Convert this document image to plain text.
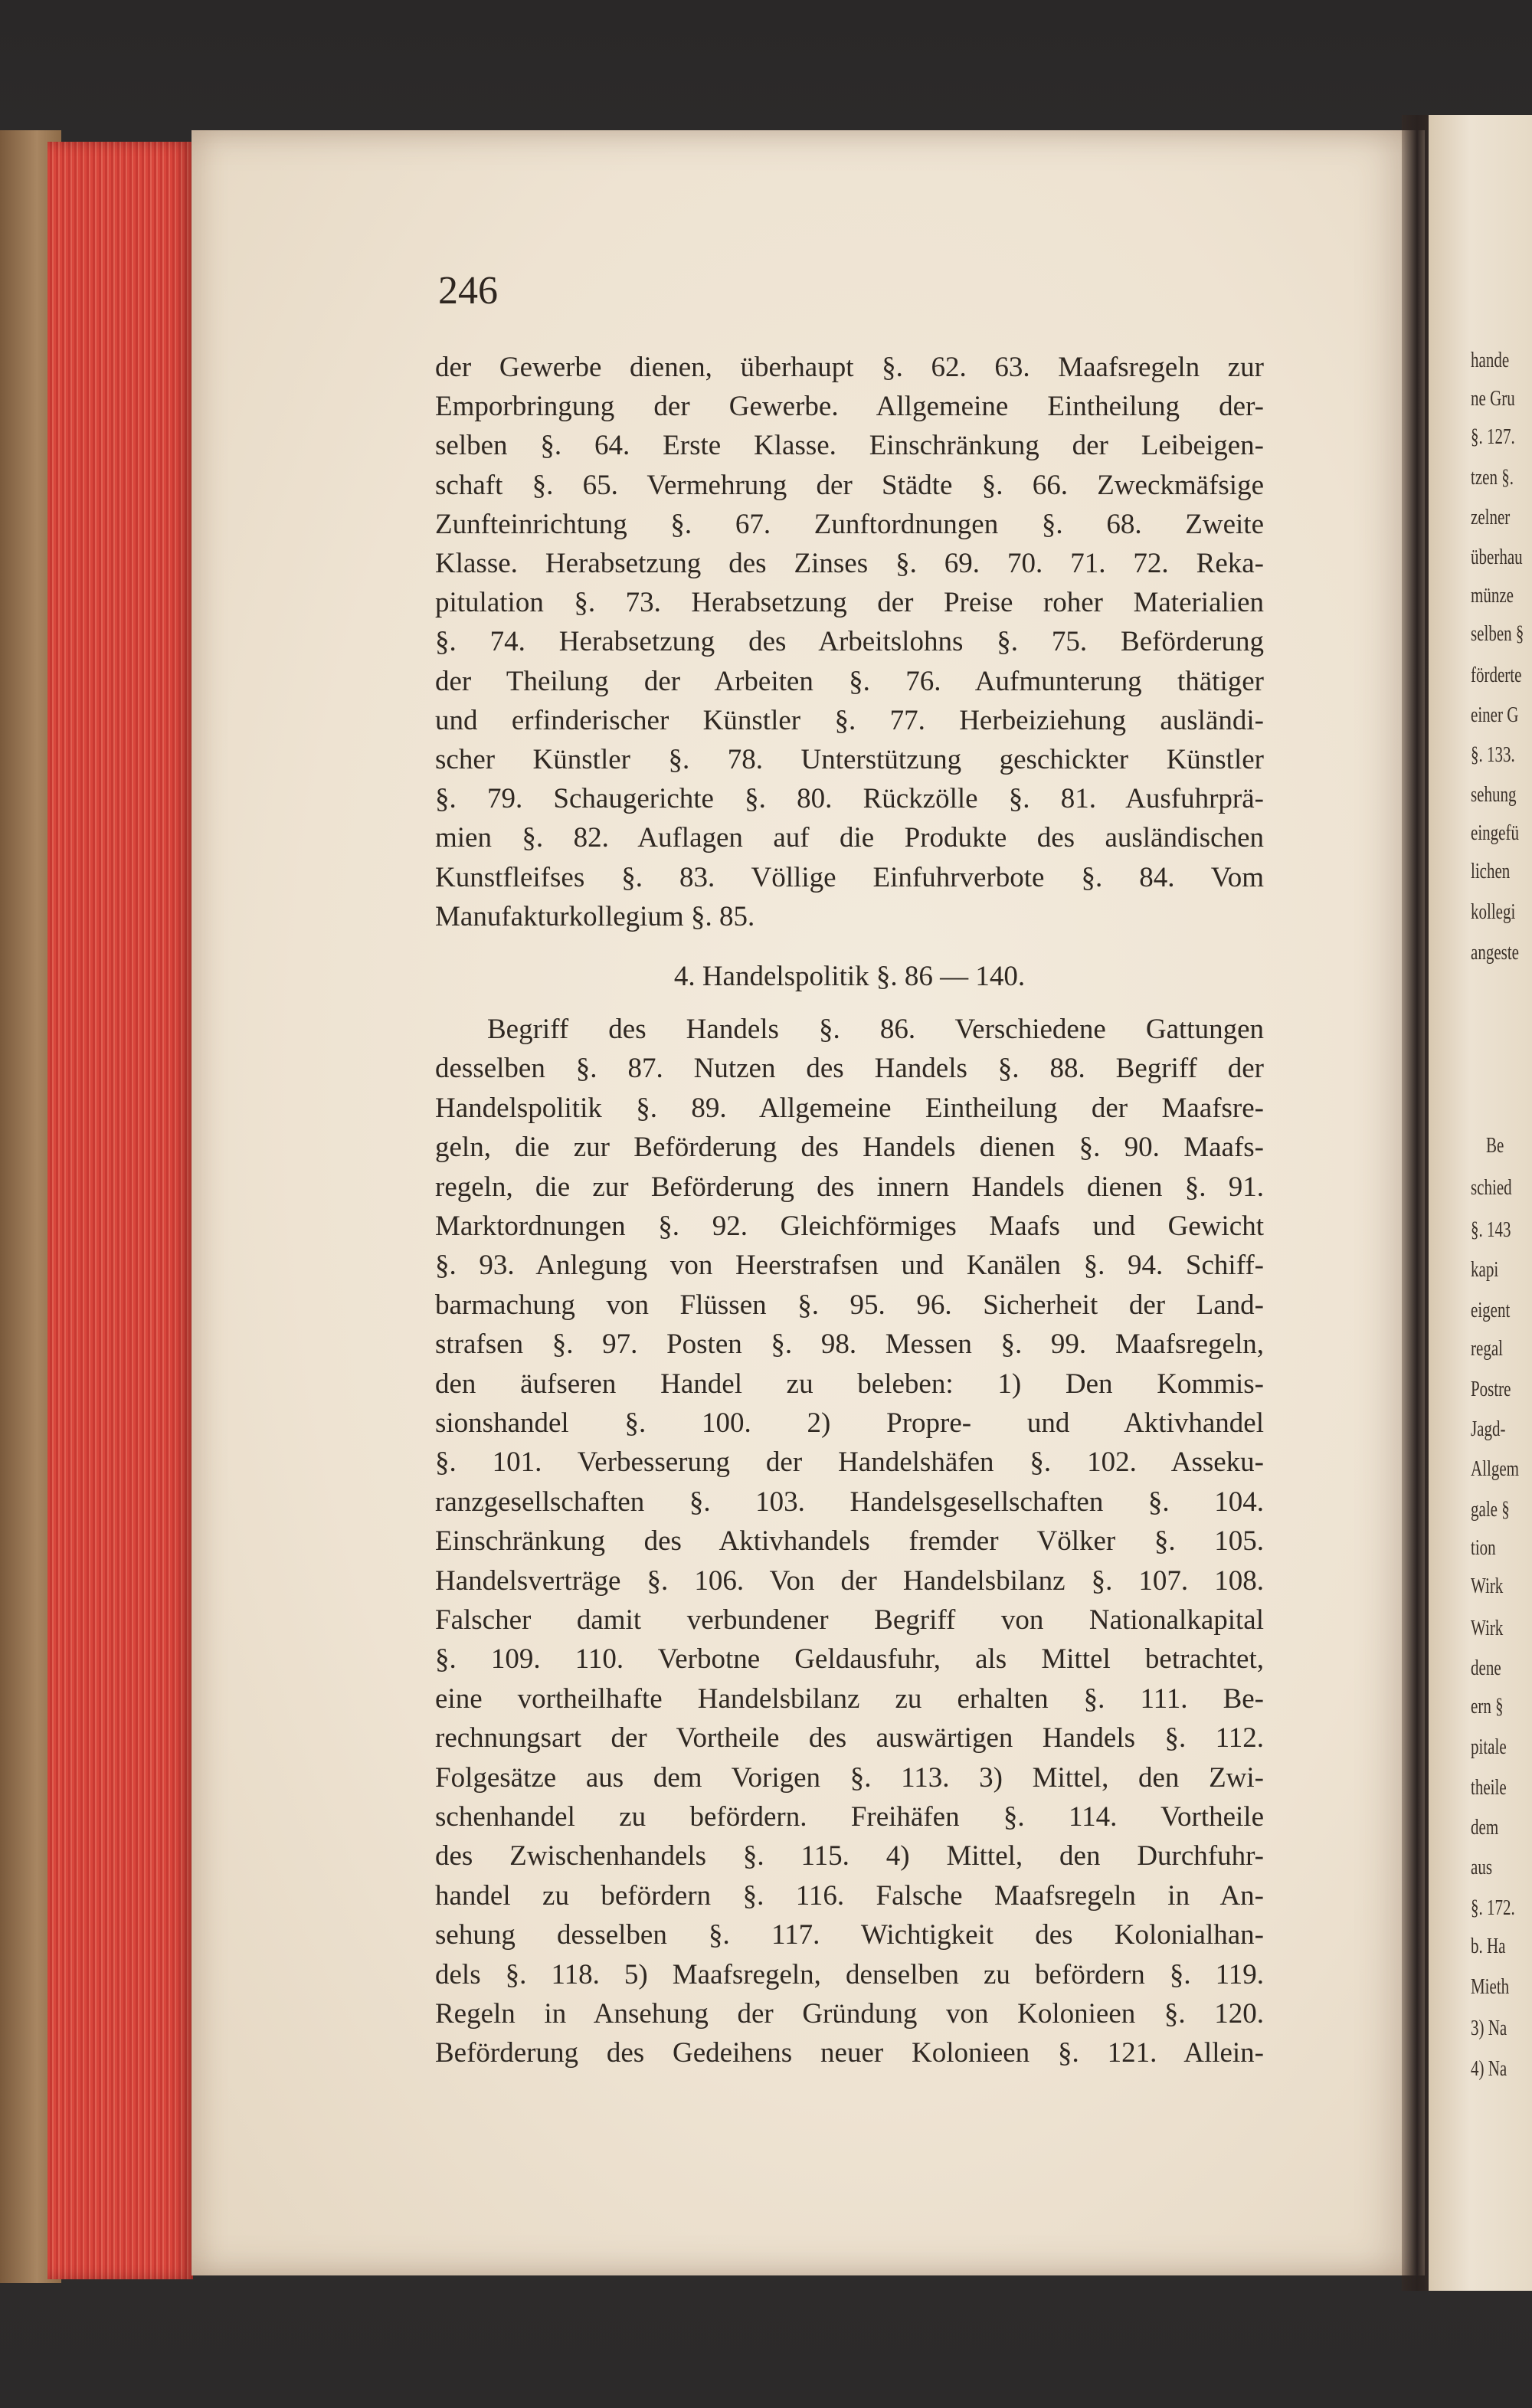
hande
ne Gru
§. 127.
tzen §.
zelner
überhau
münze
selben §
förderte
einer G
§. 133.
sehung
eingefü
lichen
kollegi
angeste
Be
schied
§. 143
kapi
eigent
regal
Postre
Jagd-
Allgem
gale §
tion
Wirk
Wirk
dene
ern §
pitale
theile
dem
aus
§. 172.
b. Ha
Mieth
3) Na
4) Na
246
der Gewerbe dienen, überhaupt §. 62. 63. Maafsregeln zur
Emporbringung der Gewerbe. Allgemeine Eintheilung der-
selben §. 64. Erste Klasse. Einschränkung der Leibeigen-
schaft §. 65. Vermehrung der Städte §. 66. Zweckmäfsige
Zunfteinrichtung §. 67. Zunftordnungen §. 68. Zweite
Klasse. Herabsetzung des Zinses §. 69. 70. 71. 72. Reka-
pitulation §. 73. Herabsetzung der Preise roher Materialien
§. 74. Herabsetzung des Arbeitslohns §. 75. Beförderung
der Theilung der Arbeiten §. 76. Aufmunterung thätiger
und erfinderischer Künstler §. 77. Herbeiziehung ausländi-
scher Künstler §. 78. Unterstützung geschickter Künstler
§. 79. Schaugerichte §. 80. Rückzölle §. 81. Ausfuhrprä-
mien §. 82. Auflagen auf die Produkte des ausländischen
Kunstfleifses §. 83. Völlige Einfuhrverbote §. 84. Vom
Manufakturkollegium §. 85.
4. Handelspolitik §. 86 — 140.
Begriff des Handels §. 86. Verschiedene Gattungen
desselben §. 87. Nutzen des Handels §. 88. Begriff der
Handelspolitik §. 89. Allgemeine Eintheilung der Maafsre-
geln, die zur Beförderung des Handels dienen §. 90. Maafs-
regeln, die zur Beförderung des innern Handels dienen §. 91.
Marktordnungen §. 92. Gleichförmiges Maafs und Gewicht
§. 93. Anlegung von Heerstrafsen und Kanälen §. 94. Schiff-
barmachung von Flüssen §. 95. 96. Sicherheit der Land-
strafsen §. 97. Posten §. 98. Messen §. 99. Maafsregeln,
den äufseren Handel zu beleben: 1) Den Kommis-
sionshandel §. 100. 2) Propre- und Aktivhandel
§. 101. Verbesserung der Handelshäfen §. 102. Asseku-
ranzgesellschaften §. 103. Handelsgesellschaften §. 104.
Einschränkung des Aktivhandels fremder Völker §. 105.
Handelsverträge §. 106. Von der Handelsbilanz §. 107. 108.
Falscher damit verbundener Begriff von Nationalkapital
§. 109. 110. Verbotne Geldausfuhr, als Mittel betrachtet,
eine vortheilhafte Handelsbilanz zu erhalten §. 111. Be-
rechnungsart der Vortheile des auswärtigen Handels §. 112.
Folgesätze aus dem Vorigen §. 113. 3) Mittel, den Zwi-
schenhandel zu befördern. Freihäfen §. 114. Vortheile
des Zwischenhandels §. 115. 4) Mittel, den Durchfuhr-
handel zu befördern §. 116. Falsche Maafsregeln in An-
sehung desselben §. 117. Wichtigkeit des Kolonialhan-
dels §. 118. 5) Maafsregeln, denselben zu befördern §. 119.
Regeln in Ansehung der Gründung von Kolonieen §. 120.
Beförderung des Gedeihens neuer Kolonieen §. 121. Allein-
